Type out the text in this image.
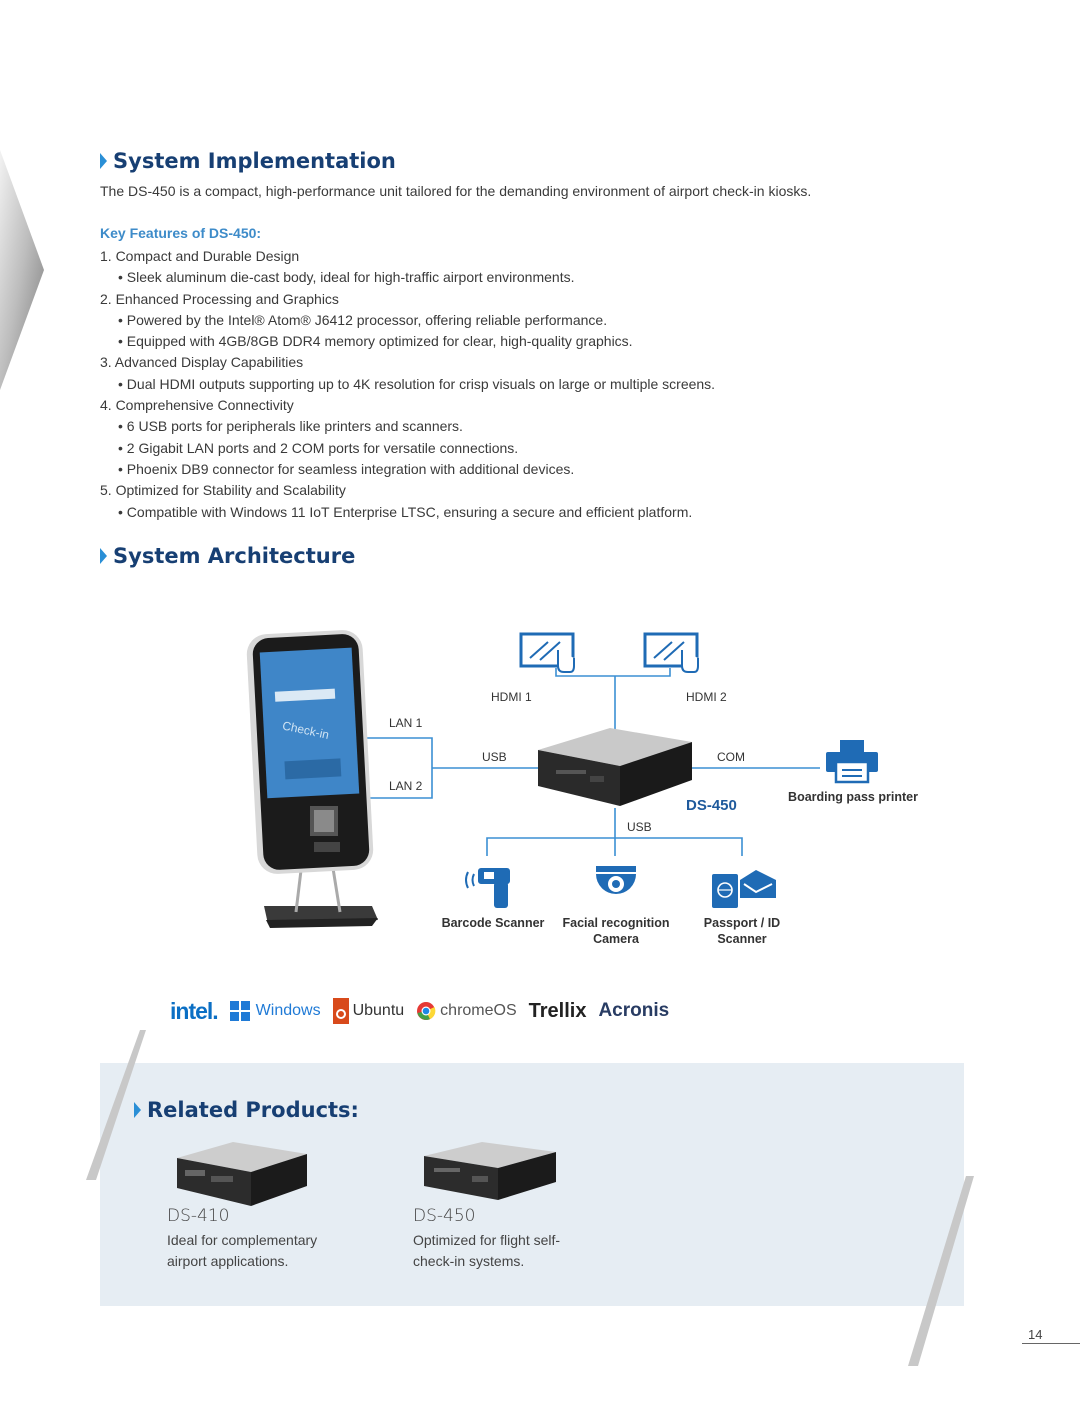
System Implementation
The DS-450 is a compact, high-performance unit tailored for the demanding environment of airport check-in kiosks.
Key Features of DS-450:
1. Compact and Durable Design
• Sleek aluminum die-cast body, ideal for high-traffic airport environments.
2. Enhanced Processing and Graphics
• Powered by the Intel® Atom® J6412 processor, offering reliable performance.
• Equipped with 4GB/8GB DDR4 memory optimized for clear, high-quality graphics.
3. Advanced Display Capabilities
• Dual HDMI outputs supporting up to 4K resolution for crisp visuals on large or multiple screens.
4. Comprehensive Connectivity
• 6 USB ports for peripherals like printers and scanners.
• 2 Gigabit LAN ports and 2 COM ports for versatile connections.
• Phoenix DB9 connector for seamless integration with additional devices.
5. Optimized for Stability and Scalability
• Compatible with Windows 11 IoT Enterprise LTSC, ensuring a secure and efficient platform.
System Architecture
Check-in
HDMI 1	HDMI 2
LAN 1
LAN 2
USB	COM
USB
DS-450	Boarding pass printer
Barcode Scanner	Facial recognition Camera
Passport / ID Scanner
intel. Windows Ubuntu chromeOS Trellix Acronis
Related Products:
DS-410
Ideal for complementary airport applications.
DS-450
Optimized for flight self-check-in systems.
14
